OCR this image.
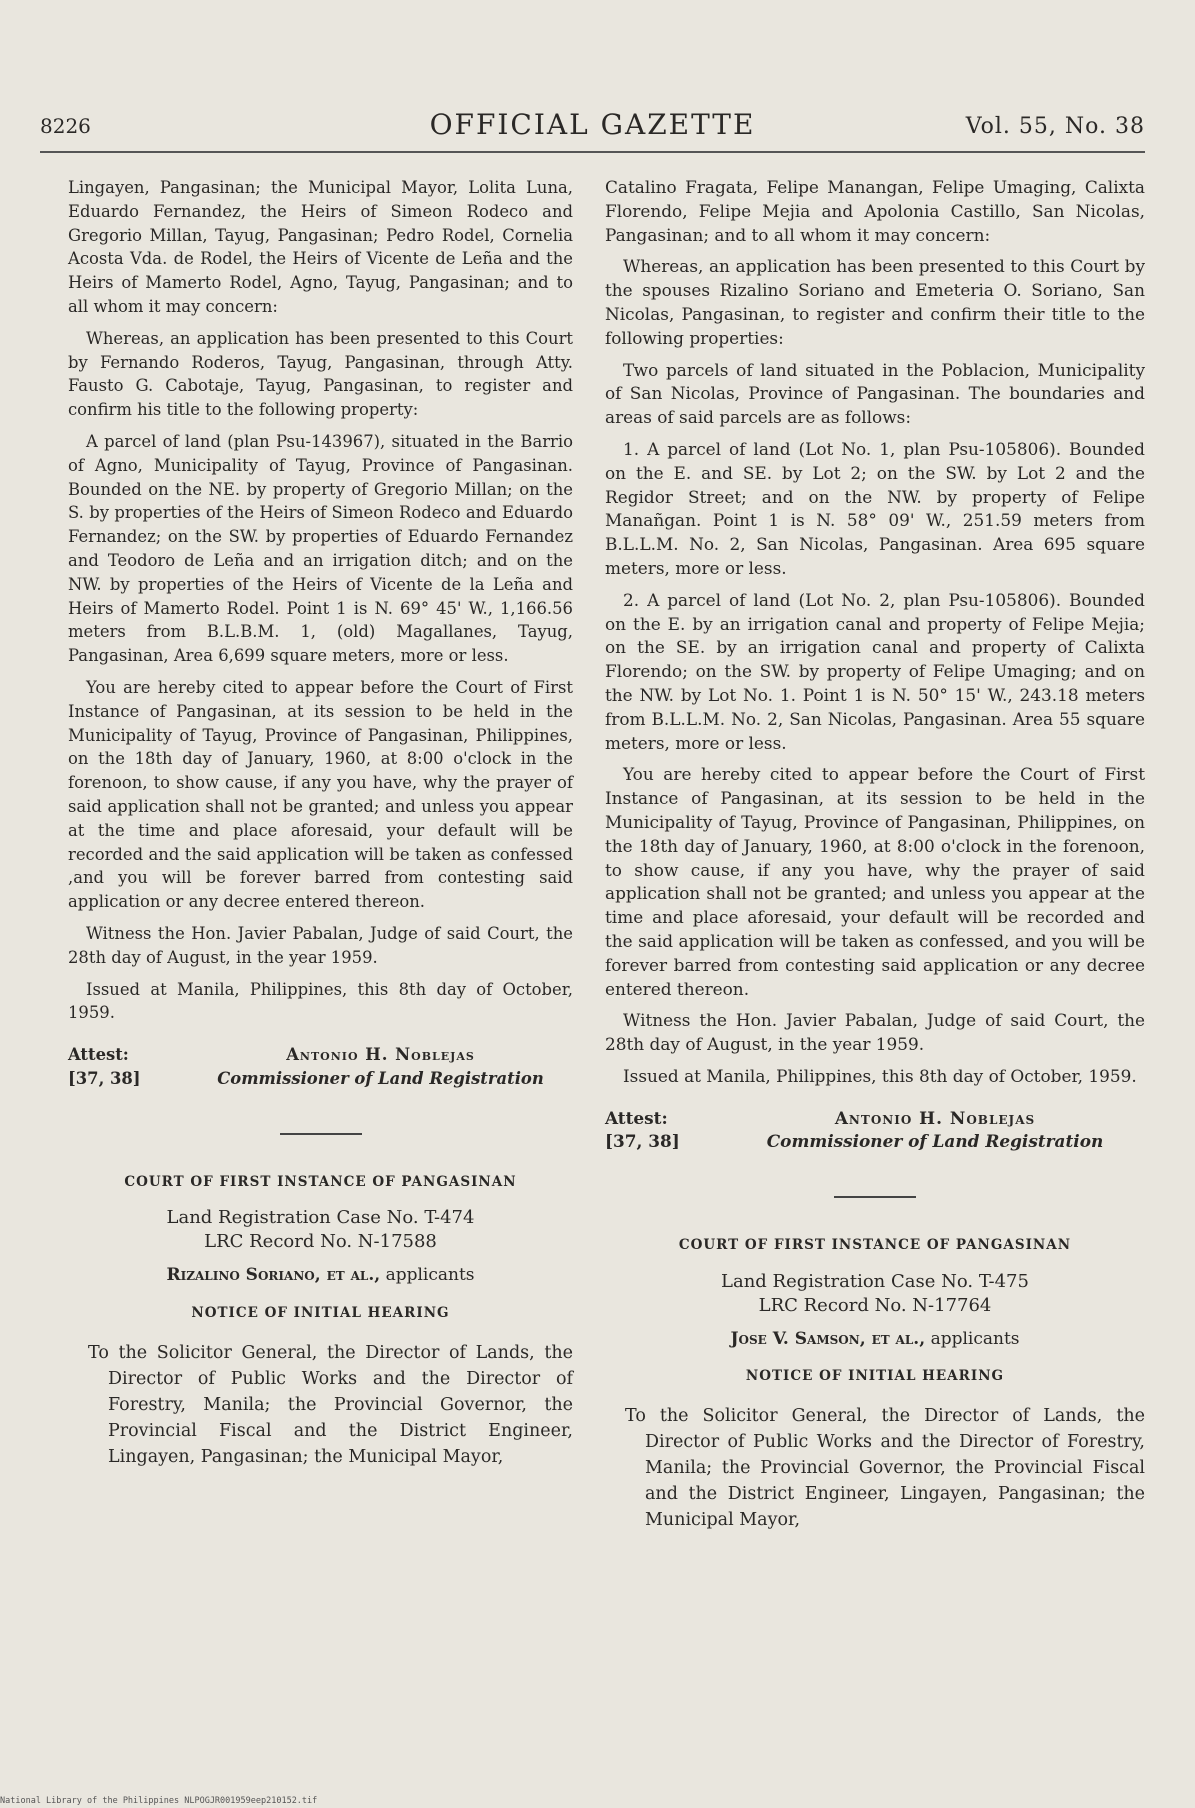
8226	OFFICIAL GAZETTE	Vol. 55, No. 38

Lingayen, Pangasinan; the Municipal Mayor, Lolita Luna, Eduardo Fernandez, the Heirs of Simeon Rodeco and Gregorio Millan, Tayug, Pangasinan; Pedro Rodel, Cornelia Acosta Vda. de Rodel, the Heirs of Vicente de Leña and the Heirs of Mamerto Rodel, Agno, Tayug, Pangasinan; and to all whom it may concern:

Whereas, an application has been presented to this Court by Fernando Roderos, Tayug, Pangasinan, through Atty. Fausto G. Cabotaje, Tayug, Pangasinan, to register and confirm his title to the following property:

A parcel of land (plan Psu-143967), situated in the Barrio of Agno, Municipality of Tayug, Province of Pangasinan. Bounded on the NE. by property of Gregorio Millan; on the S. by properties of the Heirs of Simeon Rodeco and Eduardo Fernandez; on the SW. by properties of Eduardo Fernandez and Teodoro de Leña and an irrigation ditch; and on the NW. by properties of the Heirs of Vicente de la Leña and Heirs of Mamerto Rodel. Point 1 is N. 69° 45' W., 1,166.56 meters from B.L.B.M. 1, (old) Magallanes, Tayug, Pangasinan, Area 6,699 square meters, more or less.

You are hereby cited to appear before the Court of First Instance of Pangasinan, at its session to be held in the Municipality of Tayug, Province of Pangasinan, Philippines, on the 18th day of January, 1960, at 8:00 o'clock in the forenoon, to show cause, if any you have, why the prayer of said application shall not be granted; and unless you appear at the time and place aforesaid, your default will be recorded and the said application will be taken as confessed ,and you will be forever barred from contesting said application or any decree entered thereon.

Witness the Hon. Javier Pabalan, Judge of said Court, the 28th day of August, in the year 1959.

Issued at Manila, Philippines, this 8th day of October, 1959.

Attest:	Antonio H. Noblejas
[37, 38]	Commissioner of Land Registration
COURT OF FIRST INSTANCE OF PANGASINAN
Land Registration Case No. T-474
LRC Record No. N-17588
Rizalino Soriano, et al., applicants
NOTICE OF INITIAL HEARING

To the Solicitor General, the Director of Lands, the Director of Public Works and the Director of Forestry, Manila; the Provincial Governor, the Provincial Fiscal and the District Engineer, Lingayen, Pangasinan; the Municipal Mayor,

Catalino Fragata, Felipe Manangan, Felipe Umaging, Calixta Florendo, Felipe Mejia and Apolonia Castillo, San Nicolas, Pangasinan; and to all whom it may concern:

Whereas, an application has been presented to this Court by the spouses Rizalino Soriano and Emeteria O. Soriano, San Nicolas, Pangasinan, to register and confirm their title to the following properties:

Two parcels of land situated in the Poblacion, Municipality of San Nicolas, Province of Pangasinan. The boundaries and areas of said parcels are as follows:

1. A parcel of land (Lot No. 1, plan Psu-105806). Bounded on the E. and SE. by Lot 2; on the SW. by Lot 2 and the Regidor Street; and on the NW. by property of Felipe Manañgan. Point 1 is N. 58° 09' W., 251.59 meters from B.L.L.M. No. 2, San Nicolas, Pangasinan. Area 695 square meters, more or less.

2. A parcel of land (Lot No. 2, plan Psu-105806). Bounded on the E. by an irrigation canal and property of Felipe Mejia; on the SE. by an irrigation canal and property of Calixta Florendo; on the SW. by property of Felipe Umaging; and on the NW. by Lot No. 1. Point 1 is N. 50° 15' W., 243.18 meters from B.L.L.M. No. 2, San Nicolas, Pangasinan. Area 55 square meters, more or less.

You are hereby cited to appear before the Court of First Instance of Pangasinan, at its session to be held in the Municipality of Tayug, Province of Pangasinan, Philippines, on the 18th day of January, 1960, at 8:00 o'clock in the forenoon, to show cause, if any you have, why the prayer of said application shall not be granted; and unless you appear at the time and place aforesaid, your default will be recorded and the said application will be taken as confessed, and you will be forever barred from contesting said application or any decree entered thereon.

Witness the Hon. Javier Pabalan, Judge of said Court, the 28th day of August, in the year 1959.

Issued at Manila, Philippines, this 8th day of October, 1959.

Attest:	Antonio H. Noblejas
[37, 38]	Commissioner of Land Registration
COURT OF FIRST INSTANCE OF PANGASINAN
Land Registration Case No. T-475
LRC Record No. N-17764
Jose V. Samson, et al., applicants
NOTICE OF INITIAL HEARING

To the Solicitor General, the Director of Lands, the Director of Public Works and the Director of Forestry, Manila; the Provincial Governor, the Provincial Fiscal and the District Engineer, Lingayen, Pangasinan; the Municipal Mayor,

National Library of the Philippines NLPOGJR001959eep210152.tif
